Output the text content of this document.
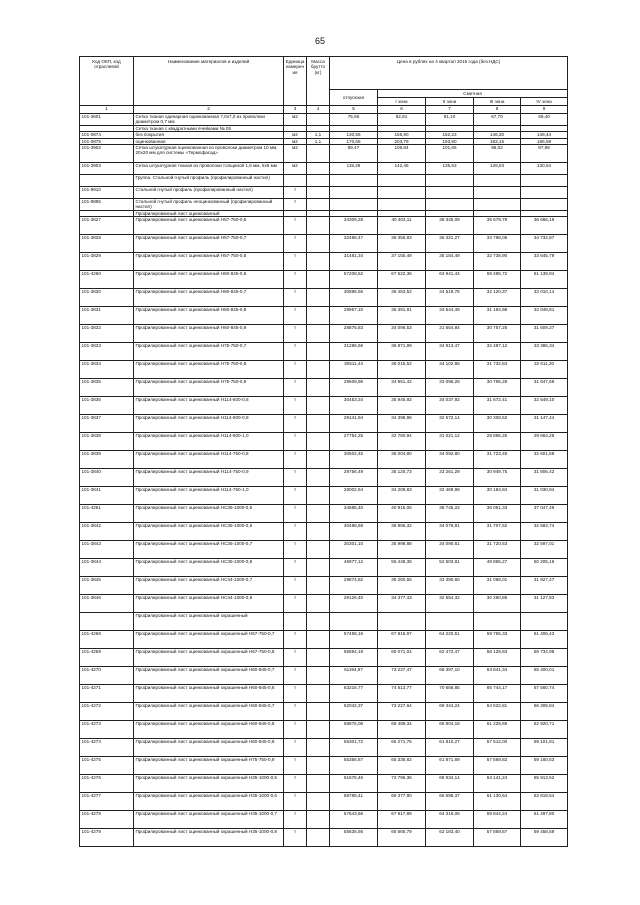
65
Код ОКП, код отраслевой	Наименование материалов и изделий	Единица измерения	Масса брутто (кг)	Цена в рублях на 4 квартал 2015 года (без НДС)				
				отпускная	Сметная			
					I зона	II зона	III зона	IV зона
1	2	3	4	5	6	7	8	9
101-3601	Сетка тканая одинарная оцинкованная 7,0х7,0 из проволоки диаметром 0,7 мм	м2		75,65	82,81	81,10	67,70	69,40
	Сетка тканая с квадратными ячейками № 05							
101-0874	без покрытия	м2	1,1	130,55	155,90	152,23	146,30	149,44
101-0875	оцинкованная	м2	1,1	170,65	203,79	193,80	183,15	186,59
101-3902	Сетка штукатурная оцинкованная из проволоки диаметром 10 мм, 20х20 мм для системы «Термофасад»	м2		89,47	106,84	101,65	96,02	97,98
101-3903	Сетка штукатурная тканая из проволоки толщиной 1,6 мм, 5х5 мм	м2		119,29	142,45	135,53	128,03	130,54
	Группа. Стальной гнутый профиль (профилированный настил)							
101-9910	Стальной гнутый профиль (профилированный настил)	т						
101-9885	Стальной гнутый профиль неоцинкованный (профилированный настил)	т						
	Профилированный лист оцинкованный							
101-3827	Профилированный лист оцинкованный Н57-750-0,6	т		34309,28	40 403,11	38 345,09	35 679,79	36 666,19
101-3828	Профилированный лист оцинкованный Н57-750-0,7	т		32498,47	38 355,93	36 321,27	33 798,05	34 732,87
101-3829	Профилированный лист оцинкованный Н57-750-0,8	т		31481,34	37 155,49	35 184,49	32 738,90	33 645,79
101-4260	Профилированный лист оцинкованный Н60-845-0,6	т		57208,52	67 522,36	63 941,44	59 495,72	61 139,94
101-3830	Профилированный лист оцинкованный Н60-845-0,7	т		30886,56	36 453,52	34 519,76	32 120,37	33 010,14
101-3831	Профилированный лист оцинкованный Н60-845-0,8	т		29957,10	35 391,91	33 544,49	31 194,98	32 048,81
101-3832	Профилированный лист оцинкованный Н60-845-0,9	т		28875,83	34 096,53	31 654,84	30 757,26	31 609,27
101-3833	Профилированный лист оцинкованный Н75-750-0,7	т		31296,66	36 871,99	34 913,47	32 487,12	33 386,34
101-3834	Профилированный лист оцинкованный Н75-750-0,8	т		30511,44	36 015,52	34 102,86	31 732,84	32 611,20
101-3835	Профилированный лист оцинкованный Н75-750-0,9	т		29609,96	34 951,42	33 096,28	30 795,28	31 647,69
101-3836	Профилированный лист оцинкованный Н114-600-0,8	т		30453,34	35 945,92	34 037,92	31 672,41	32 549,10
101-3837	Профилированный лист оцинкованный Н114-600-0,9	т		29141,94	34 398,96	32 572,14	30 308,52	31 147,44
101-3838	Профилированный лист оцинкованный Н114-600-1,0	т		27754,25	32 760,94	31 021,12	28 865,26	29 664,26
101-3839	Профилированный лист оцинкованный Н114-750-0,8	т		30502,45	36 004,90	34 092,80	31 723,48	32 601,58
101-3840	Профилированный лист оцинкованный Н114-750-0,9	т		29756,49	35 125,73	33 261,29	30 949,75	31 806,42
101-3841	Профилированный лист оцинкованный Н114-750-1,0	т		28002,64	34 209,83	32 469,98	30 184,84	31 030,94
101-4261	Профилированный лист оцинкованный НС35-1000-0,5	т		34685,40	40 915,06	38 745,22	36 051,33	37 047,49
101-3842	Профилированный лист оцинкованный НС35-1000-0,6	т		30488,68	35 986,32	34 076,91	31 707,62	32 583,74
101-3843	Профилированный лист оцинкованный НС35-1000-0,7	т		30301,10	35 998,88	34 090,61	31 720,53	32 597,01
101-3844	Профилированный лист оцинкованный НС35-1000-0,8	т		46977,12	55 448,38	52 503,81	48 855,27	50 205,16
101-3845	Профилированный лист оцинкованный НС44-1000-0,7	т		29874,82	35 260,55	33 390,60	31 068,01	31 927,47
101-3846	Профилированный лист оцинкованный НС44-1000-0,8	т		29126,40	34 377,43	32 554,32	30 290,86	31 127,83
	Профилированный лист оцинкованный окрашенный							
101-4268	Профилированный лист оцинкованный окрашенный Н57-750-0,7	т		57458,16	67 816,97	64 220,51	59 755,33	61 406,43
101-4269	Профилированный лист оцинкованный окрашенный Н57-750-0,8	т		55694,19	65 071,04	62 472,47	58 128,83	59 734,98
101-4270	Профилированный лист оцинкованный окрашенный Н60-845-0,7	т		61194,97	72 227,47	68 397,10	63 641,34	65 400,01
101-4271	Профилированный лист оцинкованный окрашенный Н60-845-0,6	т		63216,77	74 613,77	70 656,85	65 744,17	67 560,74
101-4272	Профилированный лист оцинкованный окрашенный Н60-845-0,7	т		62042,37	73 227,64	69 344,24	64 522,81	66 305,84
101-4273	Профилированный лист оцинкованный окрашенный Н60-845-0,8	т		58875,08	69 489,34	65 804,18	61 228,69	62 920,71
101-4274	Профилированный лист оцинкованный окрашенный Н60-845-0,9	т		55301,72	65 271,76	61 810,27	57 512,00	59 101,81
101-4275	Профилированный лист оцинкованный окрашенный Н75-750-0,9	т		55356,67	65 336,82	61 871,69	57 569,82	59 160,53
101-4276	Профилированный лист оцинкованный окрашенный Н35-1000-0,5	т		61675,46	72 796,36	68 934,14	64 141,24	65 913,52
101-4277	Профилированный лист оцинкованный окрашенный Н35-1000-0,6	т		58789,41	69 377,90	65 698,37	61 130,64	62 819,54
101-4278	Профилированный лист оцинкованный окрашенный Н35-1000-0,7	т		57543,66	67 917,89	64 316,06	59 844,24	61 497,80
101-4279	Профилированный лист оцинкованный окрашенный Н35-1000-0,8	т		55635,56	65 665,79	62 183,40	57 859,67	59 458,59
